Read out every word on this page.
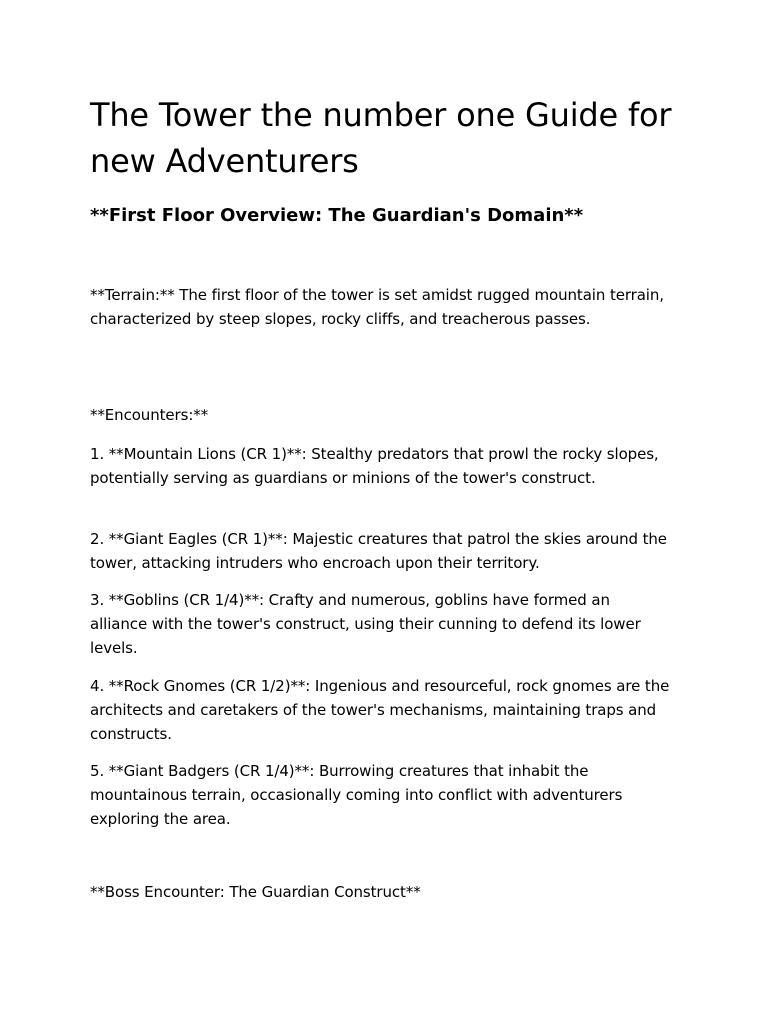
The Tower the number one Guide for new Adventurers
**First Floor Overview: The Guardian's Domain**

**Terrain:** The first floor of the tower is set amidst rugged mountain terrain, characterized by steep slopes, rocky cliffs, and treacherous passes.

**Encounters:**

1. **Mountain Lions (CR 1)**: Stealthy predators that prowl the rocky slopes, potentially serving as guardians or minions of the tower's construct.

2. **Giant Eagles (CR 1)**: Majestic creatures that patrol the skies around the tower, attacking intruders who encroach upon their territory.

3. **Goblins (CR 1/4)**: Crafty and numerous, goblins have formed an alliance with the tower's construct, using their cunning to defend its lower levels.

4. **Rock Gnomes (CR 1/2)**: Ingenious and resourceful, rock gnomes are the architects and caretakers of the tower's mechanisms, maintaining traps and constructs.

5. **Giant Badgers (CR 1/4)**: Burrowing creatures that inhabit the mountainous terrain, occasionally coming into conflict with adventurers exploring the area.

**Boss Encounter: The Guardian Construct**
